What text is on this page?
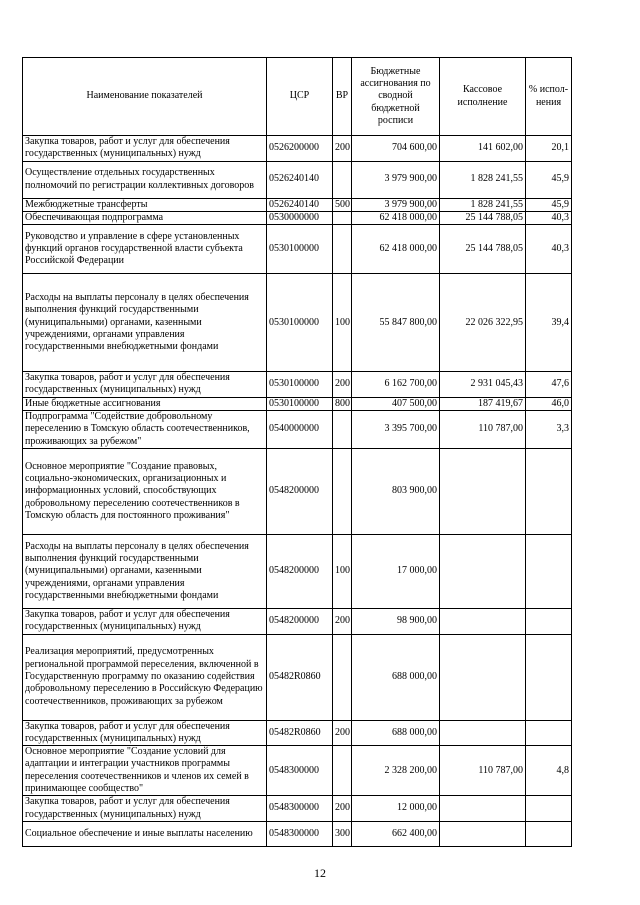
Наименование показателей	ЦСР	ВР	Бюджетные ассигнования по сводной бюджетной росписи	Кассовое исполнение	% испол-нения
Закупка товаров, работ и услуг для обеспечения государственных (муниципальных) нужд	0526200000	200	704 600,00	141 602,00	20,1
Осуществление отдельных государственных полномочий по регистрации коллективных договоров	0526240140		3 979 900,00	1 828 241,55	45,9
Межбюджетные трансферты	0526240140	500	3 979 900,00	1 828 241,55	45,9
Обеспечивающая подпрограмма	0530000000		62 418 000,00	25 144 788,05	40,3
Руководство и управление в сфере установленных функций органов государственной власти субъекта Российской Федерации	0530100000		62 418 000,00	25 144 788,05	40,3
Расходы на выплаты персоналу в целях обеспечения выполнения функций государственными (муниципальными) органами, казенными учреждениями, органами управления государственными внебюджетными фондами	0530100000	100	55 847 800,00	22 026 322,95	39,4
Закупка товаров, работ и услуг для обеспечения государственных (муниципальных) нужд	0530100000	200	6 162 700,00	2 931 045,43	47,6
Иные бюджетные ассигнования	0530100000	800	407 500,00	187 419,67	46,0
Подпрограмма "Содействие добровольному переселению в Томскую область соотечественников, проживающих за рубежом"	0540000000		3 395 700,00	110 787,00	3,3
Основное мероприятие "Создание правовых, социально-экономических, организационных и информационных условий, способствующих добровольному переселению соотечественников в Томскую область для постоянного проживания"	0548200000		803 900,00		
Расходы на выплаты персоналу в целях обеспечения выполнения функций государственными (муниципальными) органами, казенными учреждениями, органами управления государственными внебюджетными фондами	0548200000	100	17 000,00		
Закупка товаров, работ и услуг для обеспечения государственных (муниципальных) нужд	0548200000	200	98 900,00		
Реализация мероприятий, предусмотренных региональной программой переселения, включенной в Государственную программу по оказанию содействия добровольному переселению в Российскую Федерацию соотечественников, проживающих за рубежом	05482R0860		688 000,00		
Закупка товаров, работ и услуг для обеспечения государственных (муниципальных) нужд	05482R0860	200	688 000,00		
Основное мероприятие "Создание условий для адаптации и интеграции участников программы переселения соотечественников и членов их семей в принимающее сообщество"	0548300000		2 328 200,00	110 787,00	4,8
Закупка товаров, работ и услуг для обеспечения государственных (муниципальных) нужд	0548300000	200	12 000,00		
Социальное обеспечение и иные выплаты населению	0548300000	300	662 400,00		
12
